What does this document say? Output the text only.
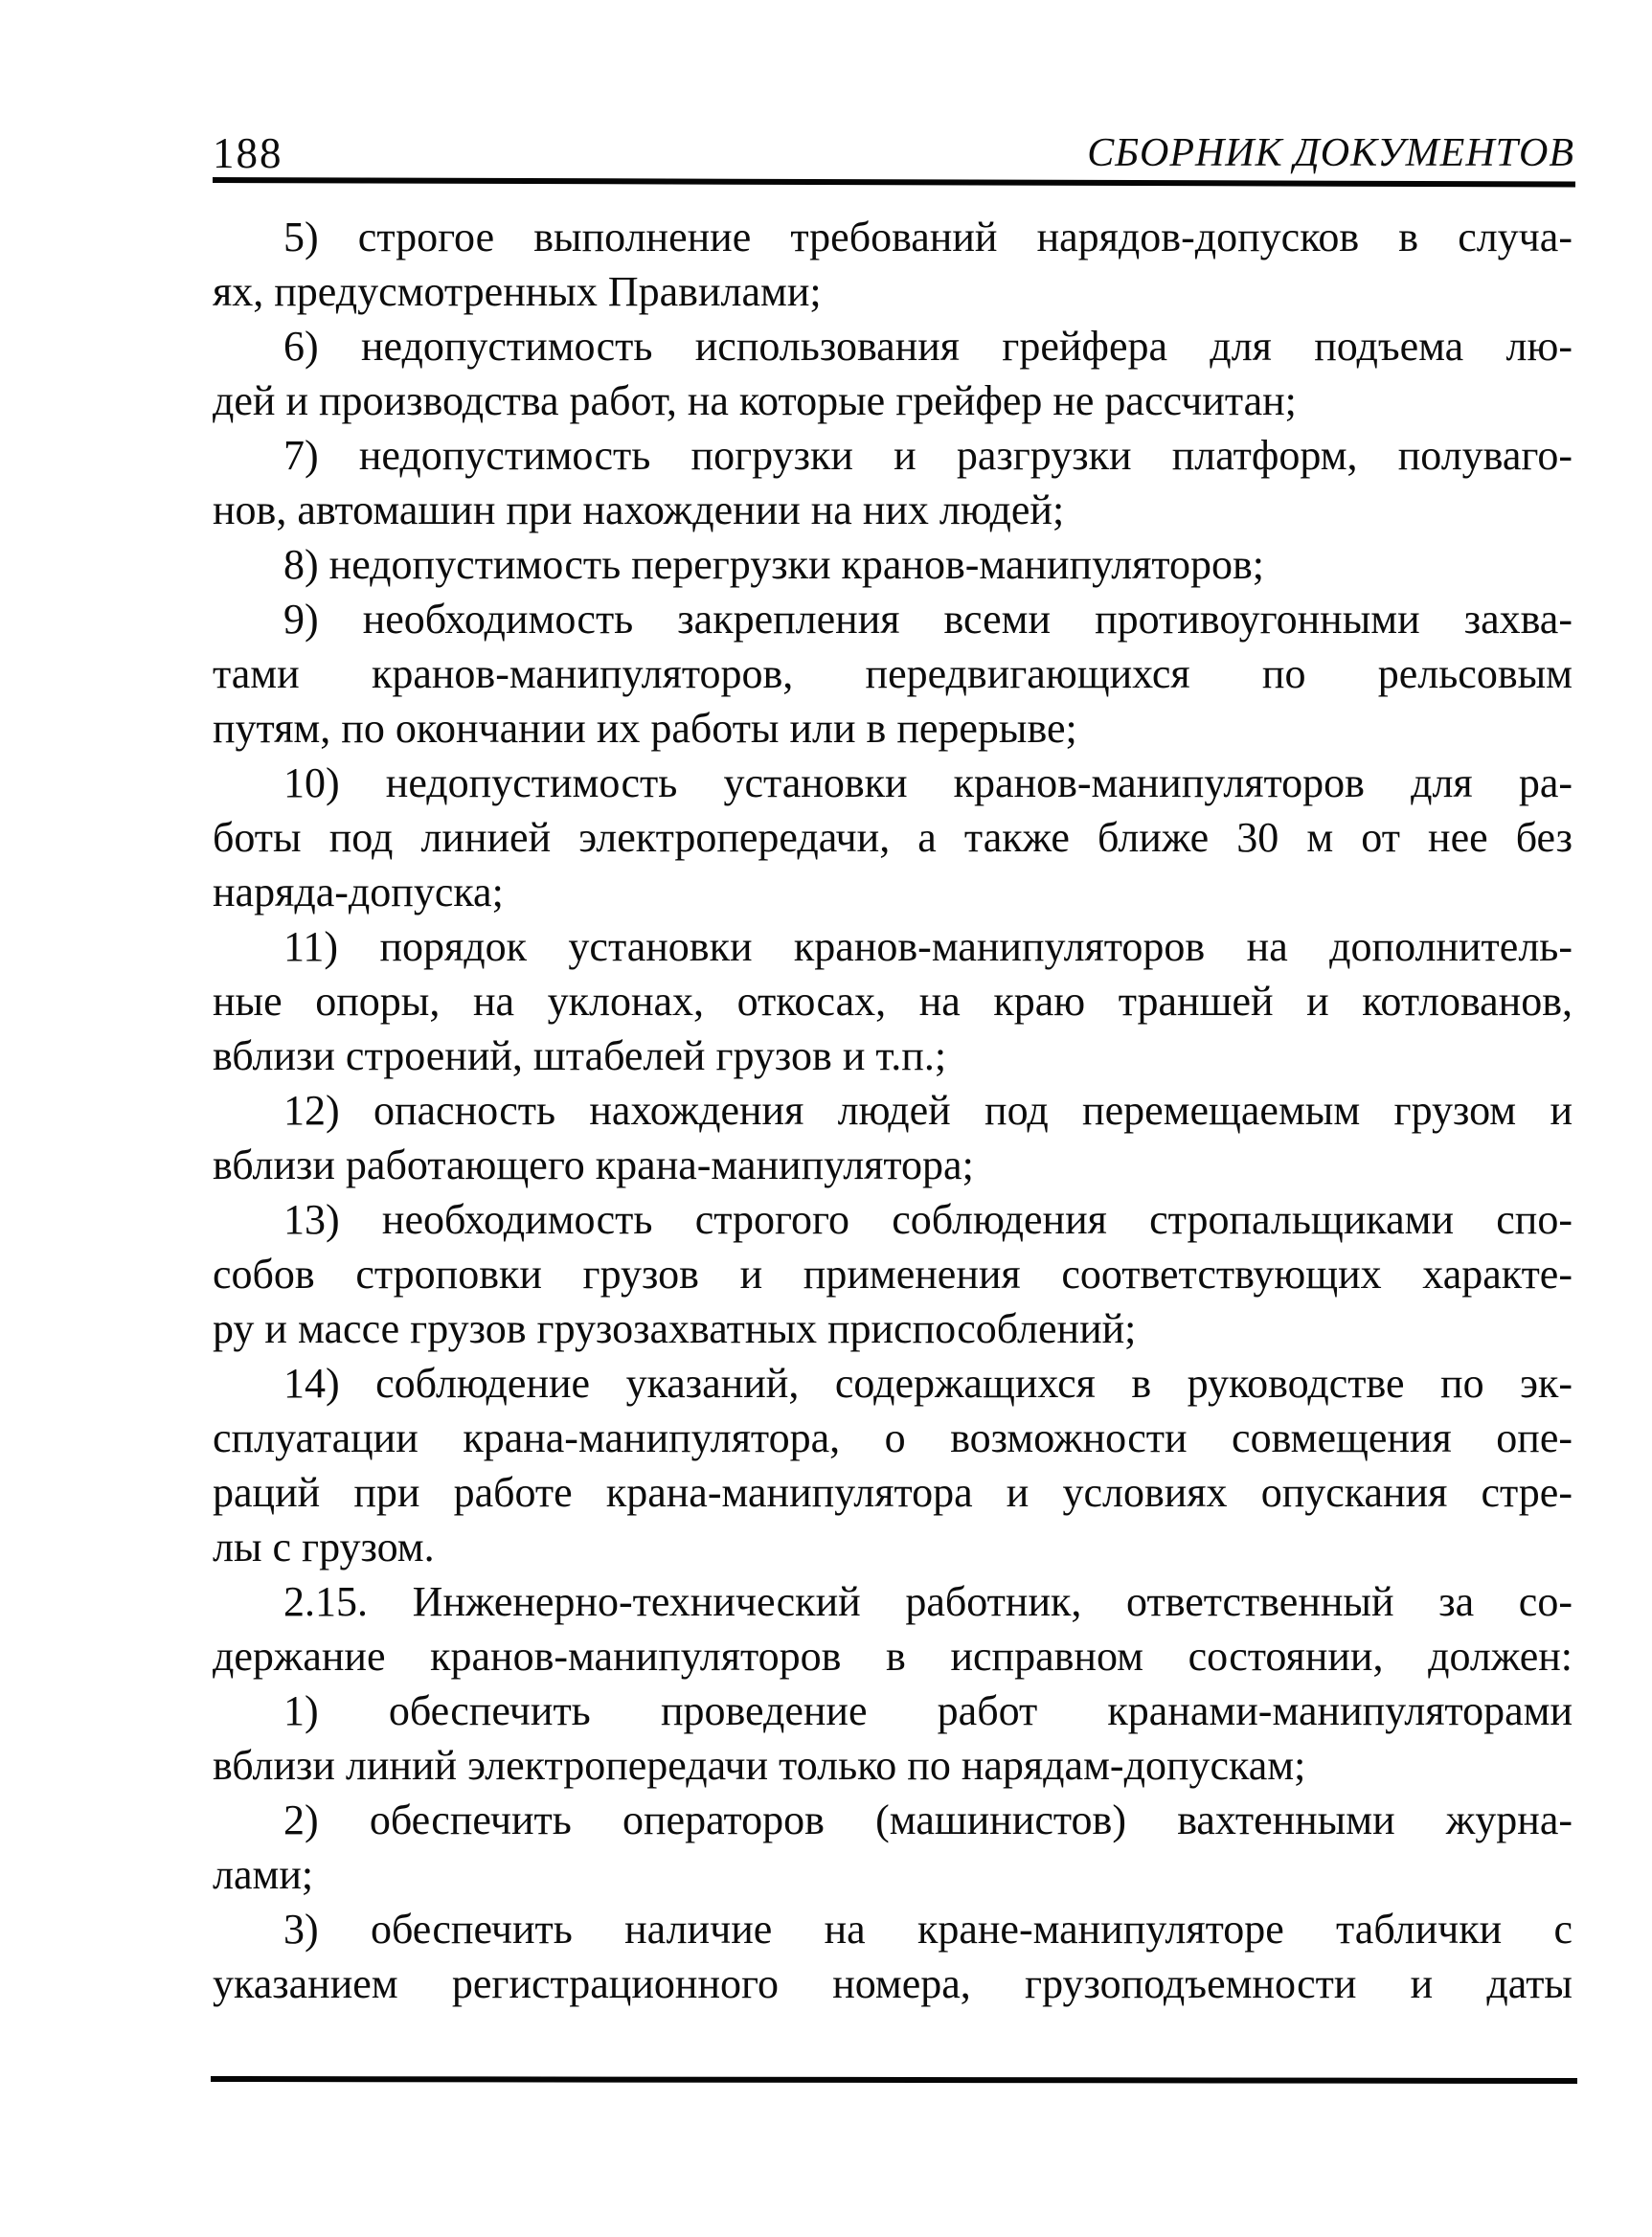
188	СБОРНИК ДОКУМЕНТОВ
5) строгое выполнение требований нарядов-допусков в случа-
ях, предусмотренных Правилами;
6) недопустимость использования грейфера для подъема лю-
дей и производства работ, на которые грейфер не рассчитан;
7) недопустимость погрузки и разгрузки платформ, полуваго-
нов, автомашин при нахождении на них людей;
8) недопустимость перегрузки кранов-манипуляторов;
9) необходимость закрепления всеми противоугонными захва-
тами кранов-манипуляторов, передвигающихся по рельсовым
путям, по окончании их работы или в перерыве;
10) недопустимость установки кранов-манипуляторов для ра-
боты под линией электропередачи, а также ближе 30 м от нее без
наряда-допуска;
11) порядок установки кранов-манипуляторов на дополнитель-
ные опоры, на уклонах, откосах, на краю траншей и котлованов,
вблизи строений, штабелей грузов и т.п.;
12) опасность нахождения людей под перемещаемым грузом и
вблизи работающего крана-манипулятора;
13) необходимость строгого соблюдения стропальщиками спо-
собов строповки грузов и применения соответствующих характе-
ру и массе грузов грузозахватных приспособлений;
14) соблюдение указаний, содержащихся в руководстве по эк-
сплуатации крана-манипулятора, о возможности совмещения опе-
раций при работе крана-манипулятора и условиях опускания стре-
лы с грузом.
2.15. Инженерно-технический работник, ответственный за со-
держание кранов-манипуляторов в исправном состоянии, должен:
1) обеспечить проведение работ кранами-манипуляторами
вблизи линий электропередачи только по нарядам-допускам;
2) обеспечить операторов (машинистов) вахтенными журна-
лами;
3) обеспечить наличие на кране-манипуляторе таблички с
указанием регистрационного номера, грузоподъемности и даты
